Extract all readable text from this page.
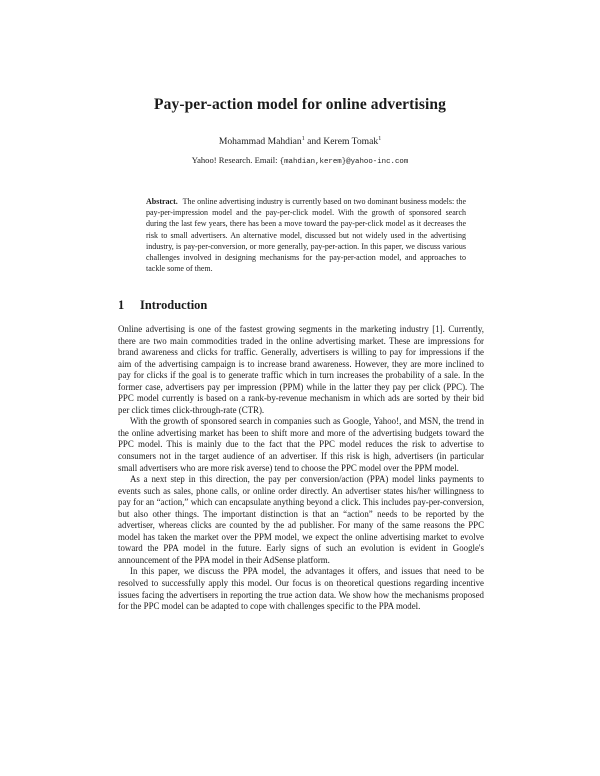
Pay-per-action model for online advertising
Mohammad Mahdian$^1$ and Kerem Tomak$^1$
Yahoo! Research. Email: {mahdian,kerem}@yahoo-inc.com

Abstract. The online advertising industry is currently based on two dominant business models: the pay-per-impression model and the pay-per-click model. With the growth of sponsored search during the last few years, there has been a move toward the pay-per-click model as it decreases the risk to small advertisers. An alternative model, discussed but not widely used in the advertising industry, is pay-per-conversion, or more generally, pay-per-action. In this paper, we discuss various challenges involved in designing mechanisms for the pay-per-action model, and approaches to tackle some of them.

1 Introduction

Online advertising is one of the fastest growing segments in the marketing industry [1]. Currently, there are two main commodities traded in the online advertising market. These are impressions for brand awareness and clicks for traffic. Generally, advertisers is willing to pay for impressions if the aim of the advertising campaign is to increase brand awareness. However, they are more inclined to pay for clicks if the goal is to generate traffic which in turn increases the probability of a sale. In the former case, advertisers pay per impression (PPM) while in the latter they pay per click (PPC). The PPC model currently is based on a rank-by-revenue mechanism in which ads are sorted by their bid per click times click-through-rate (CTR).

With the growth of sponsored search in companies such as Google, Yahoo!, and MSN, the trend in the online advertising market has been to shift more and more of the advertising budgets toward the PPC model. This is mainly due to the fact that the PPC model reduces the risk to advertise to consumers not in the target audience of an advertiser. If this risk is high, advertisers (in particular small advertisers who are more risk averse) tend to choose the PPC model over the PPM model.

As a next step in this direction, the pay per conversion/action (PPA) model links payments to events such as sales, phone calls, or online order directly. An advertiser states his/her willingness to pay for an “action,” which can encapsulate anything beyond a click. This includes pay-per-conversion, but also other things. The important distinction is that an “action” needs to be reported by the advertiser, whereas clicks are counted by the ad publisher. For many of the same reasons the PPC model has taken the market over the PPM model, we expect the online advertising market to evolve toward the PPA model in the future. Early signs of such an evolution is evident in Google's announcement of the PPA model in their AdSense platform.

In this paper, we discuss the PPA model, the advantages it offers, and issues that need to be resolved to successfully apply this model. Our focus is on theoretical questions regarding incentive issues facing the advertisers in reporting the true action data. We show how the mechanisms proposed for the PPC model can be adapted to cope with challenges specific to the PPA model.
